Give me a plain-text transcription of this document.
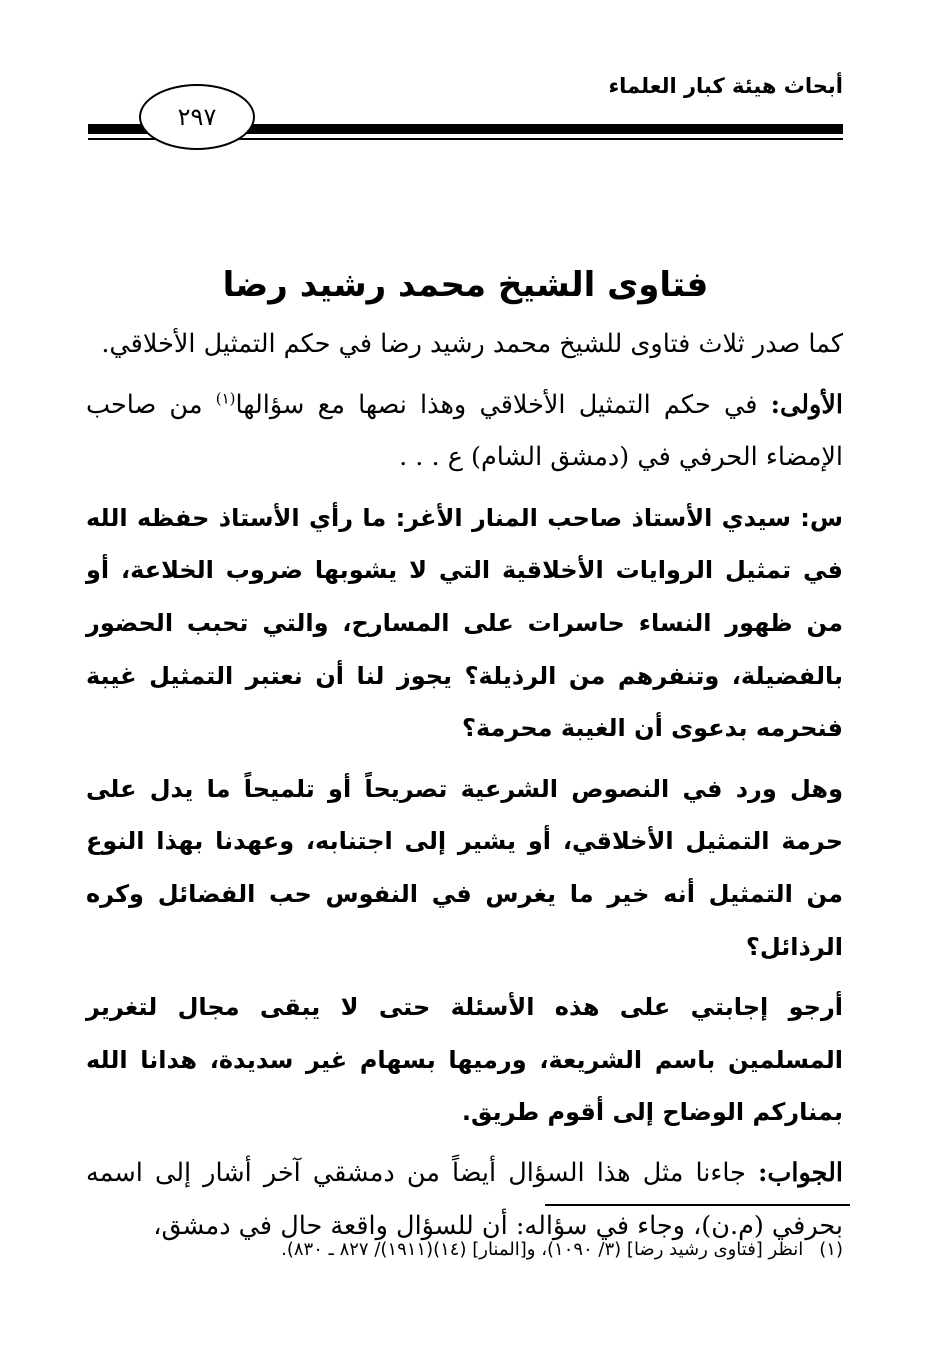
أبحاث هيئة كبار العلماء
٢٩٧
فتاوى الشيخ محمد رشيد رضا

كما صدر ثلاث فتاوى للشيخ محمد رشيد رضا في حكم التمثيل الأخلاقي.

الأولى: في حكم التمثيل الأخلاقي وهذا نصها مع سؤالها$^{(١)}$ من صاحب الإمضاء الحرفي في (دمشق الشام) ع . . .

س: سيدي الأستاذ صاحب المنار الأغر: ما رأي الأستاذ حفظه الله في تمثيل الروايات الأخلاقية التي لا يشوبها ضروب الخلاعة، أو من ظهور النساء حاسرات على المسارح، والتي تحبب الحضور بالفضيلة، وتنفرهم من الرذيلة؟ يجوز لنا أن نعتبر التمثيل غيبة فنحرمه بدعوى أن الغيبة محرمة؟

وهل ورد في النصوص الشرعية تصريحاً أو تلميحاً ما يدل على حرمة التمثيل الأخلاقي، أو يشير إلى اجتنابه، وعهدنا بهذا النوع من التمثيل أنه خير ما يغرس في النفوس حب الفضائل وكره الرذائل؟

أرجو إجابتي على هذه الأسئلة حتى لا يبقى مجال لتغرير المسلمين باسم الشريعة، ورميها بسهام غير سديدة، هدانا الله بمناركم الوضاح إلى أقوم طريق.

الجواب: جاءنا مثل هذا السؤال أيضاً من دمشقي آخر أشار إلى اسمه بحرفي (م.ن)، وجاء في سؤاله: أن للسؤال واقعة حال في دمشق،

(١)انظر [فتاوى رشيد رضا] (٣/ ١٠٩٠)، و[المنار] (١٤)(١٩١١)/ ٨٢٧ ـ ٨٣٠).
